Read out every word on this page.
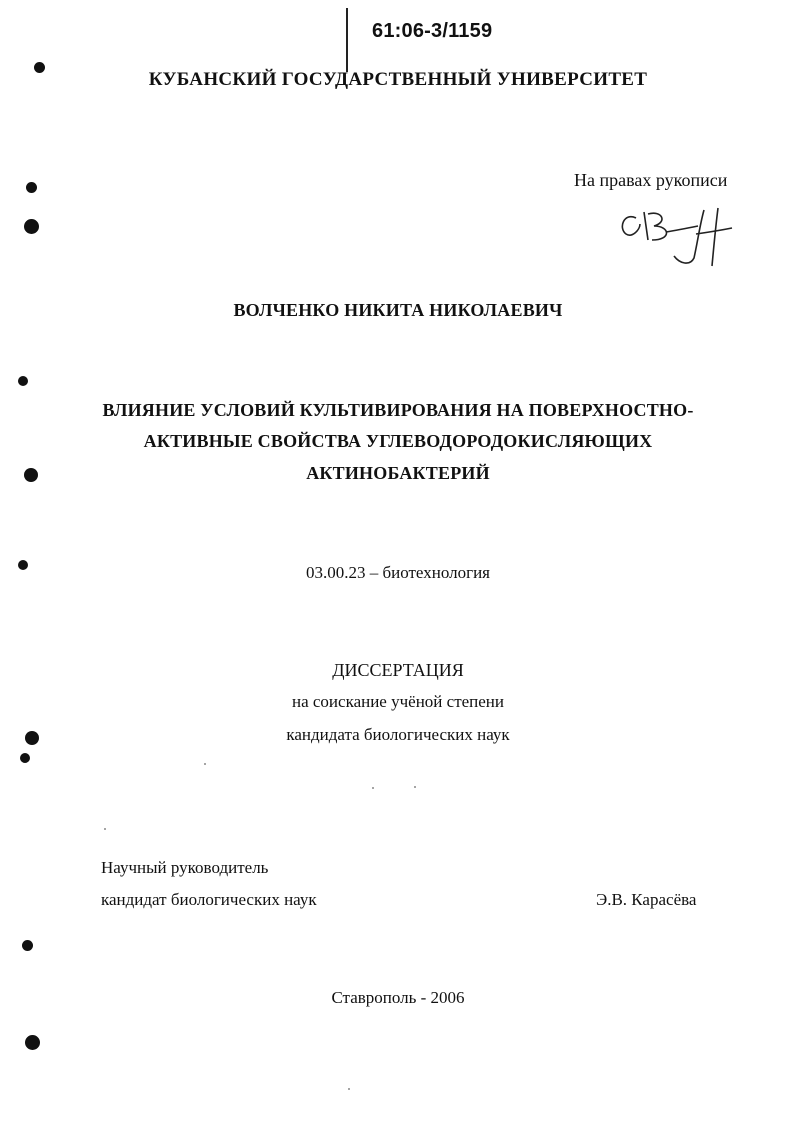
61:06-3/1159
КУБАНСКИЙ ГОСУДАРСТВЕННЫЙ УНИВЕРСИТЕТ
На правах рукописи
ВОЛЧЕНКО НИКИТА НИКОЛАЕВИЧ
ВЛИЯНИЕ УСЛОВИЙ КУЛЬТИВИРОВАНИЯ НА ПОВЕРХНОСТНО-
АКТИВНЫЕ СВОЙСТВА УГЛЕВОДОРОДОКИСЛЯЮЩИХ
АКТИНОБАКТЕРИЙ
03.00.23 – биотехнология
ДИССЕРТАЦИЯ
на соискание учёной степени
кандидата биологических наук
Научный руководитель
кандидат биологических наук	Э.В. Карасёва
Ставрополь - 2006
